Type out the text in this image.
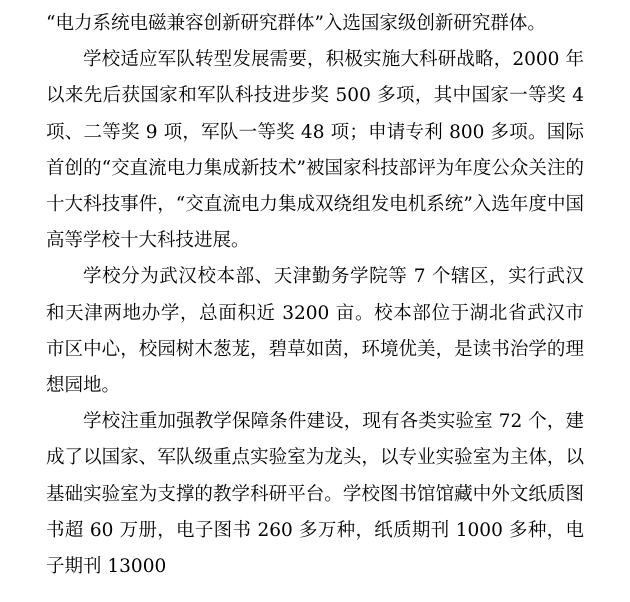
“电力系统电磁兼容创新研究群体”入选国家级创新研究群体。

学校适应军队转型发展需要，积极实施大科研战略，2000 年以来先后获国家和军队科技进步奖 500 多项，其中国家一等奖 4 项、二等奖 9 项，军队一等奖 48 项；申请专利 800 多项。国际首创的“交直流电力集成新技术”被国家科技部评为年度公众关注的十大科技事件，“交直流电力集成双绕组发电机系统”入选年度中国高等学校十大科技进展。

学校分为武汉校本部、天津勤务学院等 7 个辖区，实行武汉和天津两地办学，总面积近 3200 亩。校本部位于湖北省武汉市市区中心，校园树木葱茏，碧草如茵，环境优美，是读书治学的理想园地。

学校注重加强教学保障条件建设，现有各类实验室 72 个，建成了以国家、军队级重点实验室为龙头，以专业实验室为主体，以基础实验室为支撑的教学科研平台。学校图书馆馆藏中外文纸质图书超 60 万册，电子图书 260 多万种，纸质期刊 1000 多种，电子期刊 13000
